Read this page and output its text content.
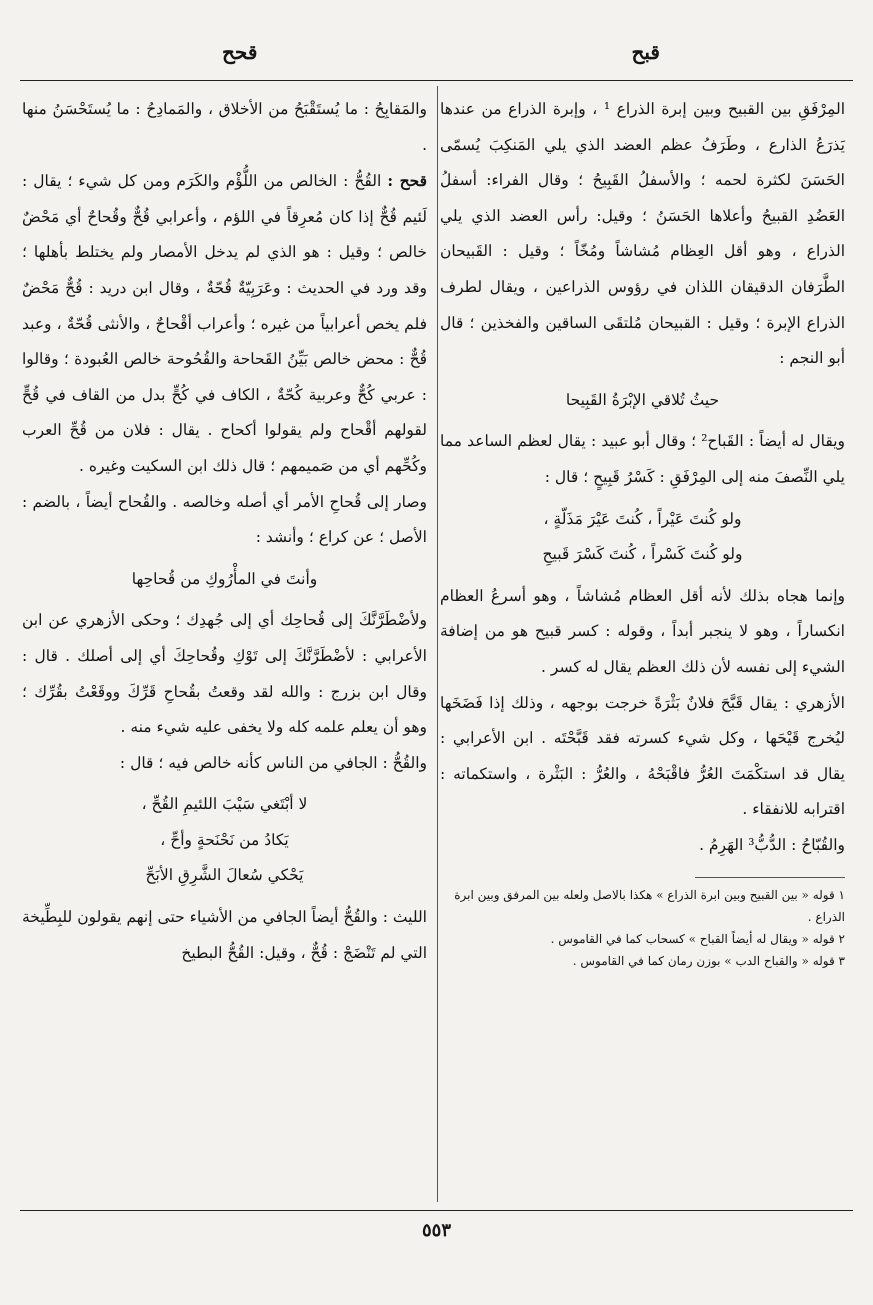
قبح
قحح

المِرْفَقِ بين القبيح وبين إبرة الذراع ¹ ، وإبرة الذراع من عندها يَذرَعُ الذارع ، وطَرَفُ عظم العضد الذي يلي المَنكِبَ يُسمّى الحَسَنَ لكثرة لحمه ؛ والأسفلُ القَبِيحُ ؛ وقال الفراء: أسفلُ العَضُدِ القبيحُ وأعلاها الحَسَنُ ؛ وقيل: رأس العضد الذي يلي الذراع ، وهو أقل العِظام مُشاشاً ومُخّاً ؛ وقيل : القَبيحان الطَّرَفان الدقيقان اللذان في رؤوس الذراعين ، ويقال لطرف الذراع الإبرة ؛ وقيل : القبيحان مُلتقَى الساقين والفخذين ؛ قال أبو النجم :

حيثُ تُلاقي الإبْرَةُ القَبِيحا

ويقال له أيضاً : القَباح² ؛ وقال أبو عبيد : يقال لعظم الساعد مما يلي النِّصفَ منه إلى المِرْفَقِ : كَسْرُ قَبِيحٍ ؛ قال :

ولو كُنتَ عَيْراً ، كُنتَ عَيْرَ مَذَلّةٍ ،
ولو كُنتَ كَسْراً ، كُنتَ كَسْرَ قَبيحِ

وإنما هجاه بذلك لأنه أقل العظام مُشاشاً ، وهو أسرعُ العظام انكساراً ، وهو لا ينجبر أبداً ، وقوله : كسر قبيح هو من إضافة الشيء إلى نفسه لأن ذلك العظم يقال له كسر .

الأزهري : يقال قَبَّحَ فلانٌ بَثْرَةً خرجت بوجهه ، وذلك إذا فَضَخَها ليُخرج قَيْحَها ، وكل شيء كسرته فقد قَبَّحْتَه . ابن الأعرابي : يقال قد استكْمَتَ العُرُّ فاقْبَحْهُ ، والعُرُّ : البَثْرة ، واستكماته : اقترابه للانفقاء .

والقُبّاحُ : الدُّبُّ³ الهَرِمُ .

١ قوله « بين القبيح وبين ابرة الذراع » هكذا بالاصل ولعله بين المرفق وبين ابرة الذراع .
٢ قوله « ويقال له أيضاً القباح » كسحاب كما في القاموس .
٣ قوله « والقباح الدب » بوزن رمان كما في القاموس .

والمَقابِحُ : ما يُستَقْبَحُ من الأخلاق ، والمَمادِحُ : ما يُستَحْسَنُ منها .

قحح : القُحُّ : الخالص من اللُّؤْم والكَرَم ومن كل شيء ؛ يقال : لَئيم قُحٌّ إذا كان مُعرِقاً في اللؤم ، وأعرابي قُحٌّ وقُحاحٌ أي مَحْضٌ خالص ؛ وقيل : هو الذي لم يدخل الأمصار ولم يختلط بأهلها ؛ وقد ورد في الحديث : وعَرَبِيّةٌ قُحّةٌ ، وقال ابن دريد : قُحٌّ مَحْضٌ فلم يخص أعرابياً من غيره ؛ وأعراب أقْحاحٌ ، والأنثى قُحّةٌ ، وعبد قُحٌّ : محض خالص بَيِّنُ القَحاحة والقُحُوحة خالص العُبودة ؛ وقالوا : عربي كُحٌّ وعربية كُحّةٌ ، الكاف في كُحٍّ بدل من القاف في قُحٍّ لقولهم أقْحاح ولم يقولوا أكحاح . يقال : فلان من قُحِّ العرب وكُحِّهم أي من صَميمهم ؛ قال ذلك ابن السكيت وغيره .

وصار إلى قُحاحِ الأمر أي أصله وخالصه . والقُحاح أيضاً ، بالضم : الأصل ؛ عن كراع ؛ وأنشد :

وأنتَ في المأْرُوكِ من قُحاحِها

ولأضْطَرَّنَّكَ إلى قُحاحِك أي إلى جُهدِك ؛ وحكى الأزهري عن ابن الأعرابي : لأضْطَرَّنَّكَ إلى تَوْكِ وقُحاحِكَ أي إلى أصلك . قال : وقال ابن بزرج : والله لقد وقعتُ بقُحاحِ قَرِّكَ ووقَعْتُ بقُرِّك ؛ وهو أن يعلم علمه كله ولا يخفى عليه شيء منه .

والقُحُّ : الجافي من الناس كأنه خالص فيه ؛ قال :

لا أبْتَغي سَيْبَ اللئيمِ القُحِّ ،
يَكادُ من نَحْنَحةٍ وأحِّ ،
يَحْكي سُعالَ الشَّرِقِ الأبَحِّ

الليث : والقُحُّ أيضاً الجافي من الأشياء حتى إنهم يقولون للبِطِّيخة التي لم تَنْضَجْ : قُحٌّ ، وقيل: القُحُّ البطيخ

٥٥٣
